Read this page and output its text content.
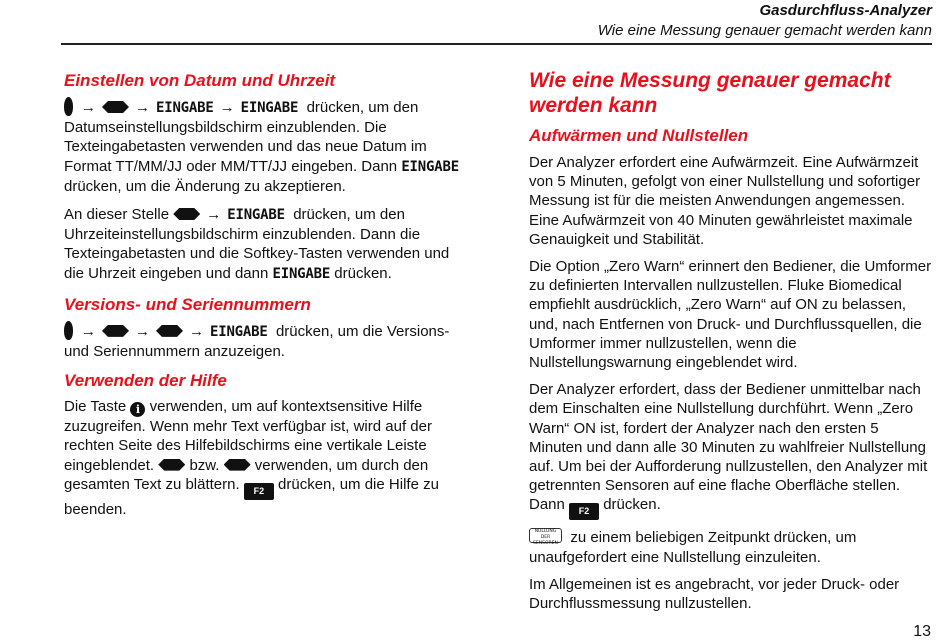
Gasdurchfluss-Analyzer
Wie eine Messung genauer gemacht werden kann
Einstellen von Datum und Uhrzeit

→	→ EINGABE → EINGABE drücken, um den Datumseinstellungsbildschirm einzublenden. Die Texteingabetasten verwenden und das neue Datum im Format TT/MM/JJ oder MM/TT/JJ eingeben. Dann EINGABE drücken, um die Änderung zu akzeptieren.

An dieser Stelle → EINGABE drücken, um den Uhrzeiteinstellungsbildschirm einzublenden. Dann die Texteingabetasten und die Softkey-Tasten verwenden und die Uhrzeit eingeben und dann EINGABE drücken.

Versions- und Seriennummern

→	→	→ EINGABE drücken, um die Versions- und Seriennummern anzuzeigen.

Verwenden der Hilfe

Die Taste i verwenden, um auf kontextsensitive Hilfe zuzugreifen. Wenn mehr Text verfügbar ist, wird auf der rechten Seite des Hilfebildschirms eine vertikale Leiste eingeblendet. bzw. verwenden, um durch den gesamten Text zu blättern. F2 drücken, um die Hilfe zu beenden.

Wie eine Messung genauer gemacht werden kann
Aufwärmen und Nullstellen

Der Analyzer erfordert eine Aufwärmzeit. Eine Aufwärmzeit von 5 Minuten, gefolgt von einer Nullstellung und sofortiger Messung ist für die meisten Anwendungen angemessen. Eine Aufwärmzeit von 40 Minuten gewährleistet maximale Genauigkeit und Stabilität.

Die Option „Zero Warn“ erinnert den Bediener, die Umformer zu definierten Intervallen nullzustellen. Fluke Biomedical empfiehlt ausdrücklich, „Zero Warn“ auf ON zu belassen, und, nach Entfernen von Druck- und Durchflussquellen, die Umformer immer nullzustellen, wenn die Nullstellungswarnung eingeblendet wird.

Der Analyzer erfordert, dass der Bediener unmittelbar nach dem Einschalten eine Nullstellung durchführt. Wenn „Zero Warn“ ON ist, fordert der Analyzer nach den ersten 5 Minuten und dann alle 30 Minuten zu wahlfreier Nullstellung auf. Um bei der Aufforderung nullzustellen, den Analyzer mit getrennten Sensoren auf eine flache Oberfläche stellen. Dann F2 drücken.

NULLUNG DER
SENSOREN zu einem beliebigen Zeitpunkt drücken, um unaufgefordert eine Nullstellung einzuleiten.

Im Allgemeinen ist es angebracht, vor jeder Druck- oder Durchflussmessung nullzustellen.

13
